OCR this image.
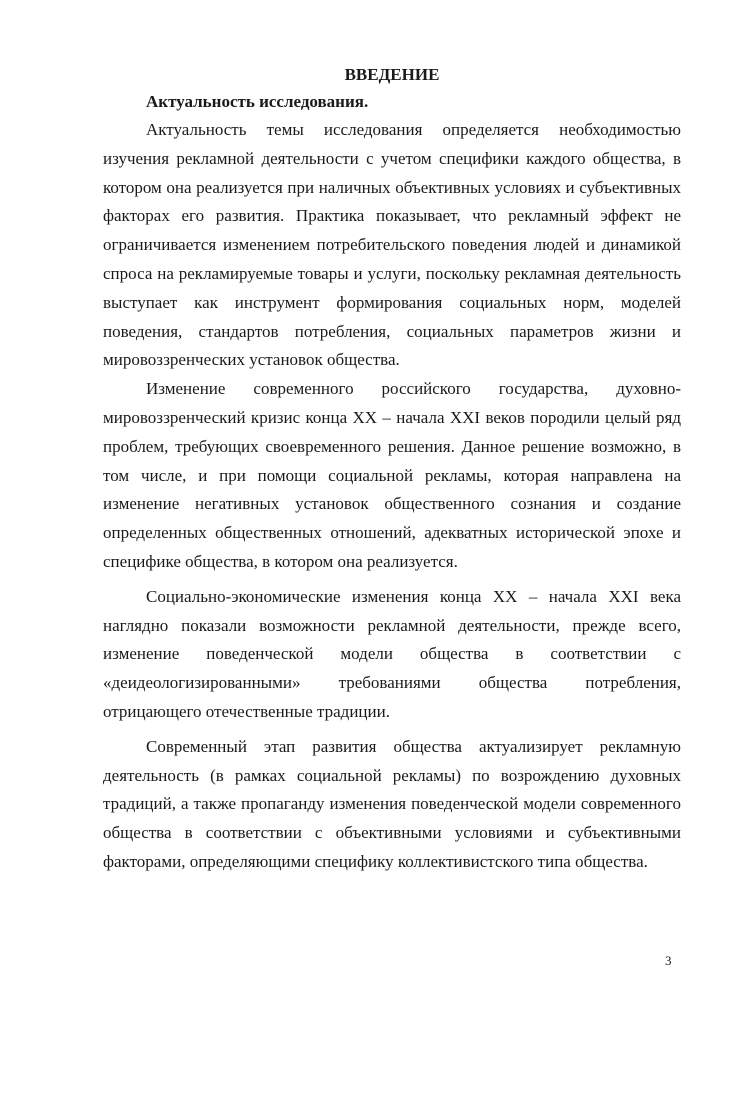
ВВЕДЕНИЕ

Актуальность исследования.

Актуальность темы исследования определяется необходимостью изучения рекламной деятельности с учетом специфики каждого общества, в котором она реализуется при наличных объективных условиях и субъективных факторах его развития. Практика показывает, что рекламный эффект не ограничивается изменением потребительского поведения людей и динамикой спроса на рекламируемые товары и услуги, поскольку рекламная деятельность выступает как инструмент формирования социальных норм, моделей поведения, стандартов потребления, социальных параметров жизни и мировоззренческих установок общества.

Изменение современного российского государства, духовно-мировоззренческий кризис конца XX – начала XXI веков породили целый ряд проблем, требующих своевременного решения. Данное решение возможно, в том числе, и при помощи социальной рекламы, которая направлена на изменение негативных установок общественного сознания и создание определенных общественных отношений, адекватных исторической эпохе и специфике общества, в котором она реализуется.

Социально-экономические изменения конца XX – начала XXI века наглядно показали возможности рекламной деятельности, прежде всего, изменение поведенческой модели общества в соответствии с «деидеологизированными» требованиями общества потребления, отрицающего отечественные традиции.

Современный этап развития общества актуализирует рекламную деятельность (в рамках социальной рекламы) по возрождению духовных традиций, а также пропаганду изменения поведенческой модели современного общества в соответствии с объективными условиями и субъективными факторами, определяющими специфику коллективистского типа общества.

3
